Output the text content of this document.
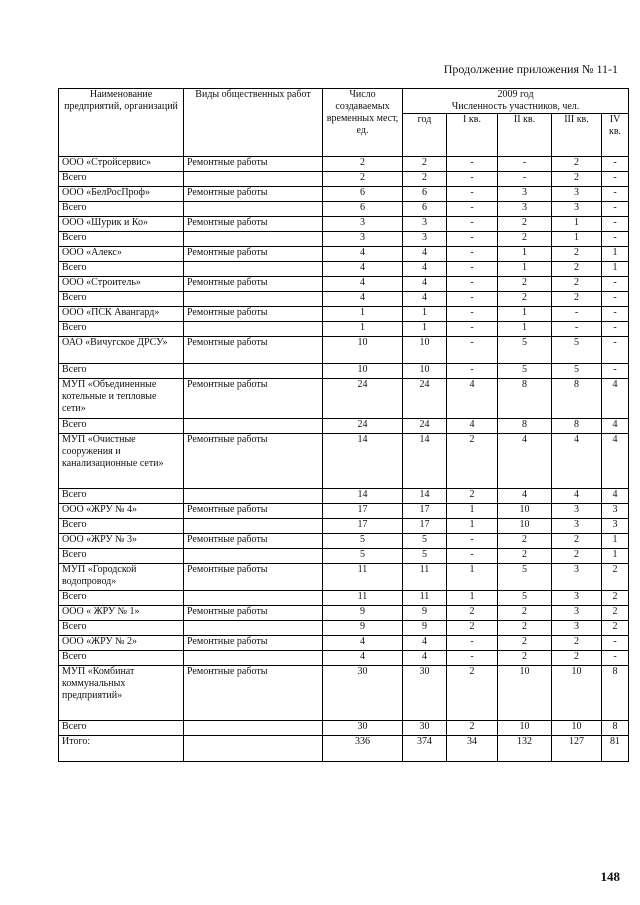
Продолжение приложения № 11-1
Наименование предприятий, организаций	Виды общественных работ	Число создаваемых временных мест, ед.	2009 год
Численность участников, чел.				

			год	I кв.	II кв.	III кв.	IV кв.
ООО «Стройсервис»	Ремонтные работы	2	2	-	-	2	-
Всего		2	2	-	-	2	-
ООО «БелРосПроф»	Ремонтные работы	6	6	-	3	3	-
Всего		6	6	-	3	3	-
ООО «Шурик и Ко»	Ремонтные работы	3	3	-	2	1	-
Всего		3	3	-	2	1	-
ООО «Алекс»	Ремонтные работы	4	4	-	1	2	1
Всего		4	4	-	1	2	1
ООО «Строитель»	Ремонтные работы	4	4	-	2	2	-
Всего		4	4	-	2	2	-
ООО «ПСК Авангард»	Ремонтные работы	1	1	-	1	-	-
Всего		1	1	-	1	-	-
ОАО «Вичугское ДРСУ»	Ремонтные работы	10	10	-	5	5	-
Всего		10	10	-	5	5	-
МУП «Объединенные котельные и тепловые сети»	Ремонтные работы	24	24	4	8	8	4
Всего		24	24	4	8	8	4
МУП «Очистные сооружения и канализационные сети»	Ремонтные работы	14	14	2	4	4	4
Всего		14	14	2	4	4	4
ООО «ЖРУ № 4»	Ремонтные работы	17	17	1	10	3	3
Всего		17	17	1	10	3	3
ООО «ЖРУ № 3»	Ремонтные работы	5	5	-	2	2	1
Всего		5	5	-	2	2	1
МУП «Городской водопровод»	Ремонтные работы	11	11	1	5	3	2
Всего		11	11	1	5	3	2
ООО « ЖРУ № 1»	Ремонтные работы	9	9	2	2	3	2
Всего		9	9	2	2	3	2
ООО «ЖРУ № 2»	Ремонтные работы	4	4	-	2	2	-
Всего		4	4	-	2	2	-
МУП «Комбинат коммунальных предприятий»	Ремонтные работы	30	30	2	10	10	8
Всего		30	30	2	10	10	8
Итого:		336	374	34	132	127	81
148
